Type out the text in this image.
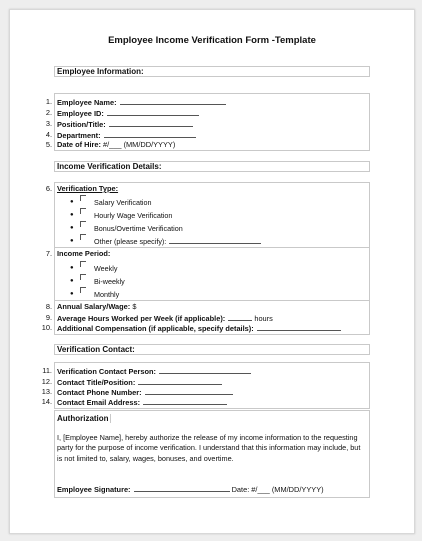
Employee Income Verification Form -Template
Employee Information:
1. Employee Name:
2. Employee ID:
3. Position/Title:
4. Department:
5. Date of Hire: #/___ (MM/DD/YYYY)
Income Verification Details:
6. Verification Type:
●	Salary Verification
●	Hourly Wage Verification
●	Bonus/Overtime Verification
●	Other (please specify):
7. Income Period:
●	Weekly
●	Bi-weekly
●	Monthly
8. Annual Salary/Wage: $
9. Average Hours Worked per Week (if applicable):	hours
10. Additional Compensation (if applicable, specify details):
Verification Contact:
11. Verification Contact Person:
12. Contact Title/Position:
13. Contact Phone Number:
14. Contact Email Address:
Authorization
I, [Employee Name], hereby authorize the release of my income information to the requesting party for the purpose of income verification. I understand that this information may include, but is not limited to, salary, wages, bonuses, and overtime.
Employee Signature:	Date: #/___ (MM/DD/YYYY)
